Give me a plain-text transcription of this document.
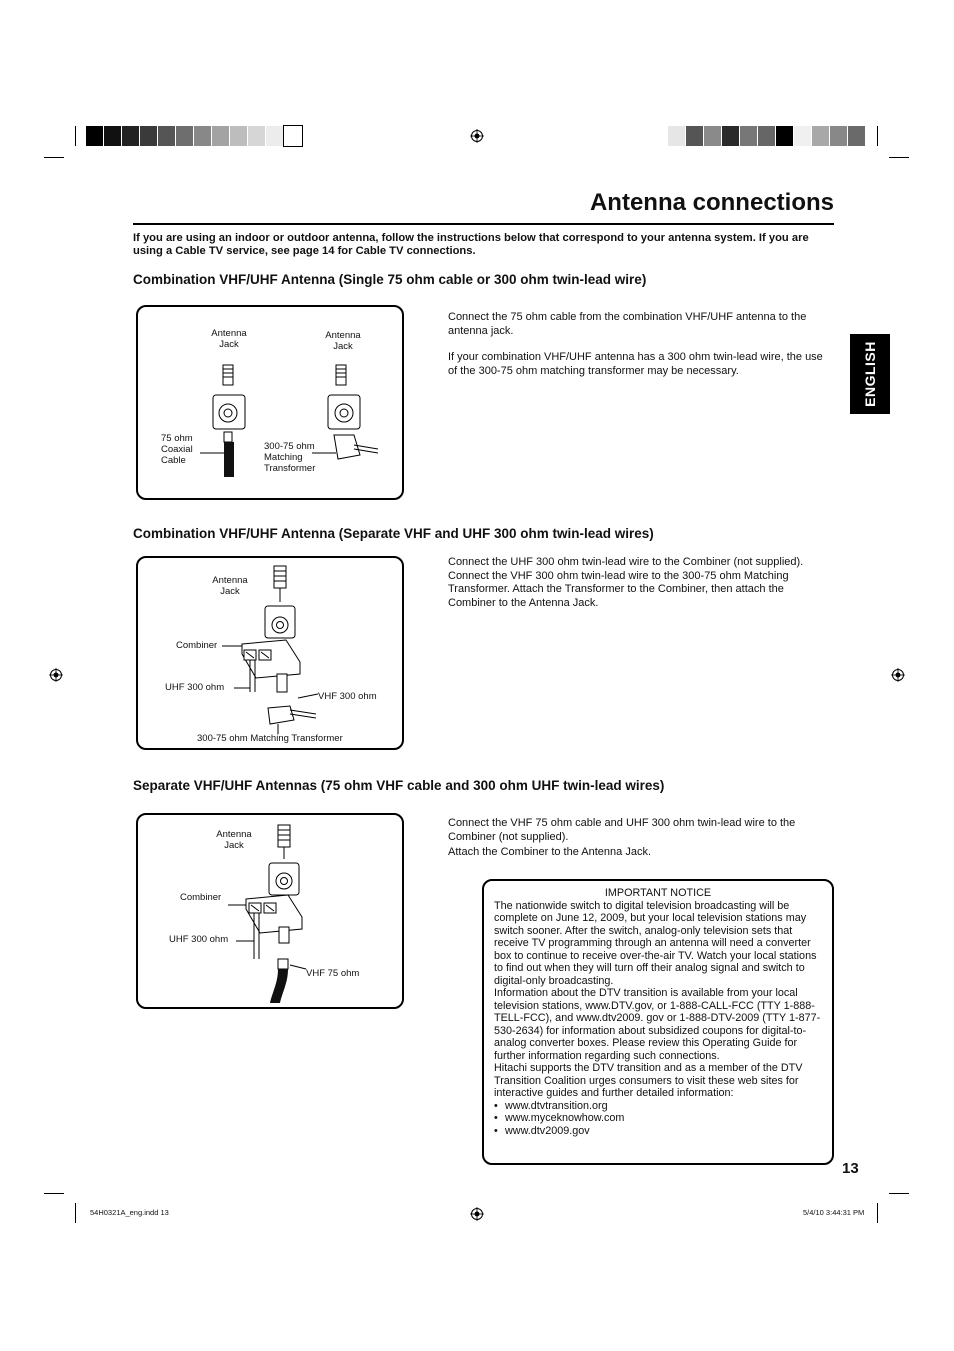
Antenna connections
If you are using an indoor or outdoor antenna, follow the instructions below that correspond to your antenna system. If you are using a Cable TV service, see page 14 for Cable TV connections.
ENGLISH
Combination VHF/UHF Antenna (Single 75 ohm cable or 300 ohm twin-lead wire)
Antenna
Jack
Antenna
Jack
75 ohm
Coaxial
Cable
300-75 ohm
Matching
Transformer

Connect the 75 ohm cable from the combination VHF/UHF antenna to the antenna jack.

If your combination VHF/UHF antenna has a 300 ohm twin-lead wire, the use of the 300-75 ohm matching transformer may be necessary.

Combination VHF/UHF Antenna (Separate VHF and UHF 300 ohm twin-lead wires)
Antenna
Jack
Combiner
UHF 300 ohm
VHF 300 ohm
300-75 ohm Matching Transformer

Connect the UHF 300 ohm twin-lead wire to the Combiner (not supplied). Connect the VHF 300 ohm twin-lead wire to the 300-75 ohm Matching Transformer. Attach the Transformer to the Combiner, then attach the Combiner to the Antenna Jack.

Separate VHF/UHF Antennas (75 ohm VHF cable and 300 ohm UHF twin-lead wires)
Antenna
Jack
Combiner
UHF 300 ohm
VHF 75 ohm

Connect the VHF 75 ohm cable and UHF 300 ohm twin-lead wire to the Combiner (not supplied).

Attach the Combiner to the Antenna Jack.

IMPORTANT NOTICE
The nationwide switch to digital television broadcasting will be complete on June 12, 2009, but your local television stations may switch sooner. After the switch, analog-only television sets that receive TV programming through an antenna will need a converter box to continue to receive over-the-air TV. Watch your local stations to find out when they will turn off their analog signal and switch to digital-only broadcasting.
Information about the DTV transition is available from your local television stations, www.DTV.gov, or 1-888-CALL-FCC (TTY 1-888-TELL-FCC), and www.dtv2009. gov or 1-888-DTV-2009 (TTY 1-877-530-2634) for information about subsidized coupons for digital-to-analog converter boxes. Please review this Operating Guide for further information regarding such connections.
Hitachi supports the DTV transition and as a member of the DTV Transition Coalition urges consumers to visit these web sites for interactive guides and further detailed information:
• www.dtvtransition.org
• www.myceknowhow.com
• www.dtv2009.gov
13
54H0321A_eng.indd 13	5/4/10 3:44:31 PM
